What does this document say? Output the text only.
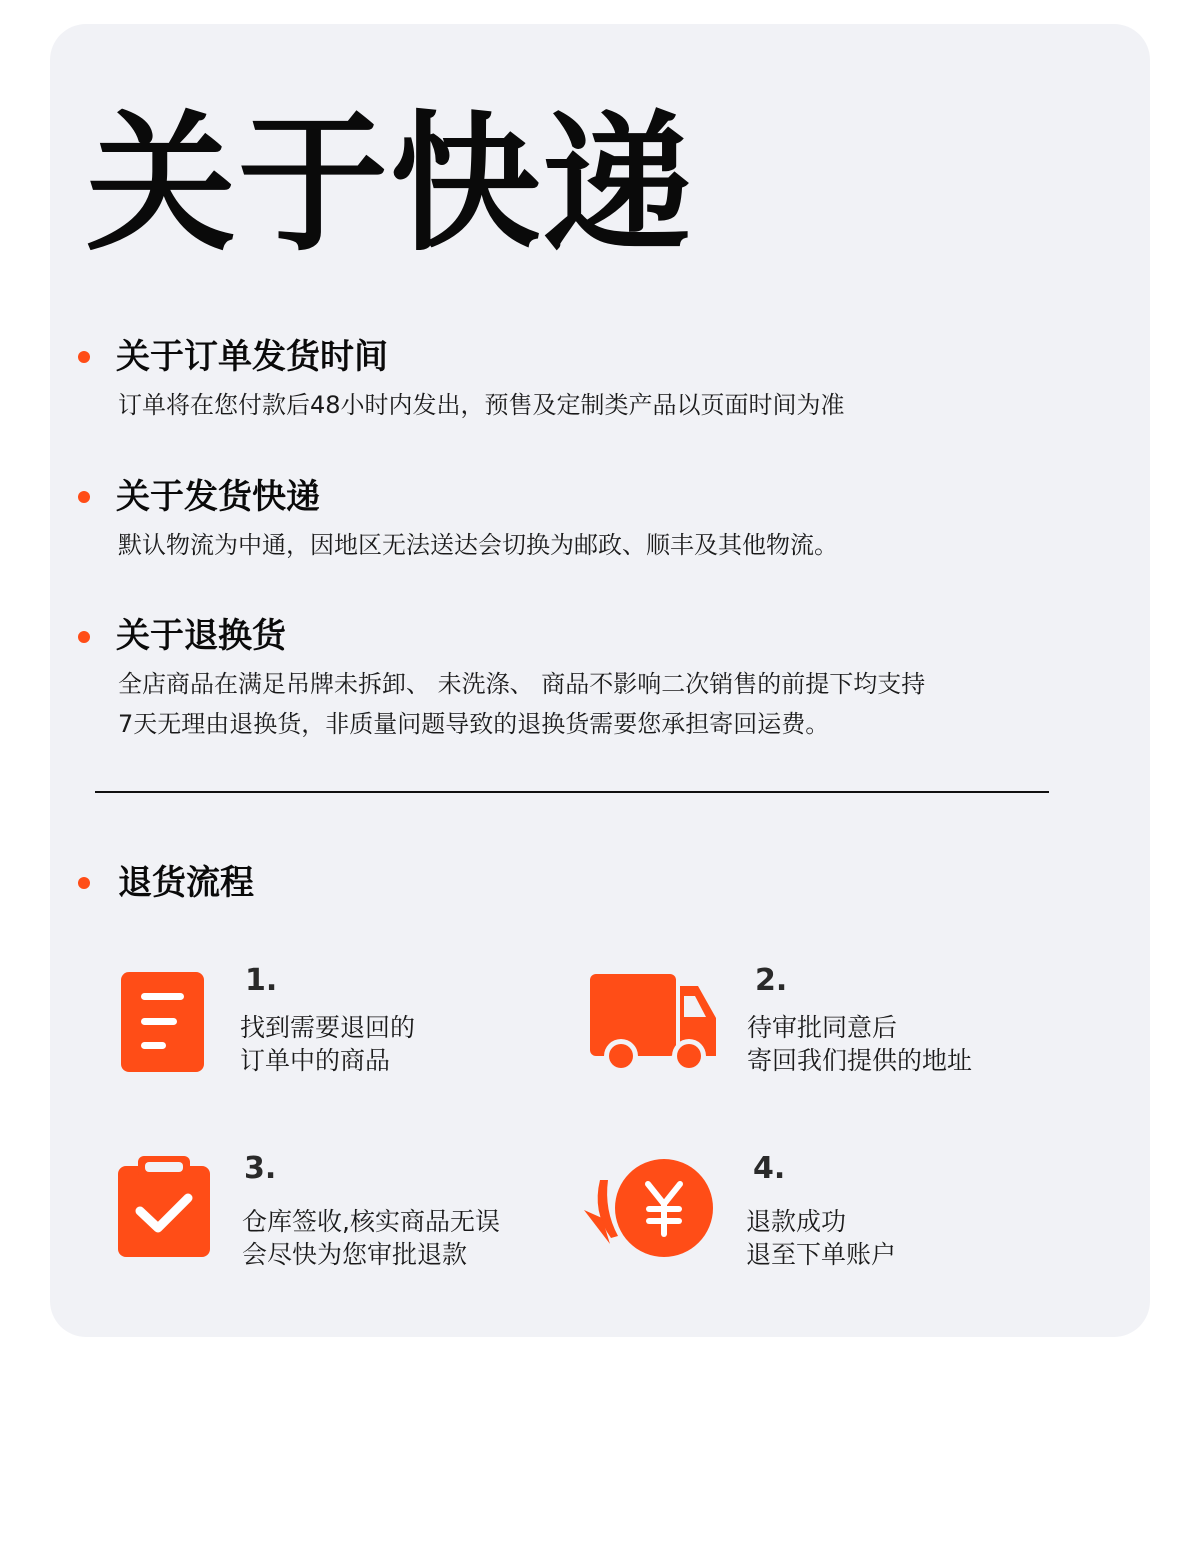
关于快递
关于订单发货时间
订单将在您付款后48小时内发出，预售及定制类产品以页面时间为准
关于发货快递
默认物流为中通，因地区无法送达会切换为邮政、顺丰及其他物流。
关于退换货
全店商品在满足吊牌未拆卸、 未洗涤、 商品不影响二次销售的前提下均支持
7天无理由退换货，非质量问题导致的退换货需要您承担寄回运费。
退货流程
1.
找到需要退回的
订单中的商品
2.
待审批同意后
寄回我们提供的地址
3.
仓库签收,核实商品无误
会尽快为您审批退款
4.
退款成功
退至下单账户
